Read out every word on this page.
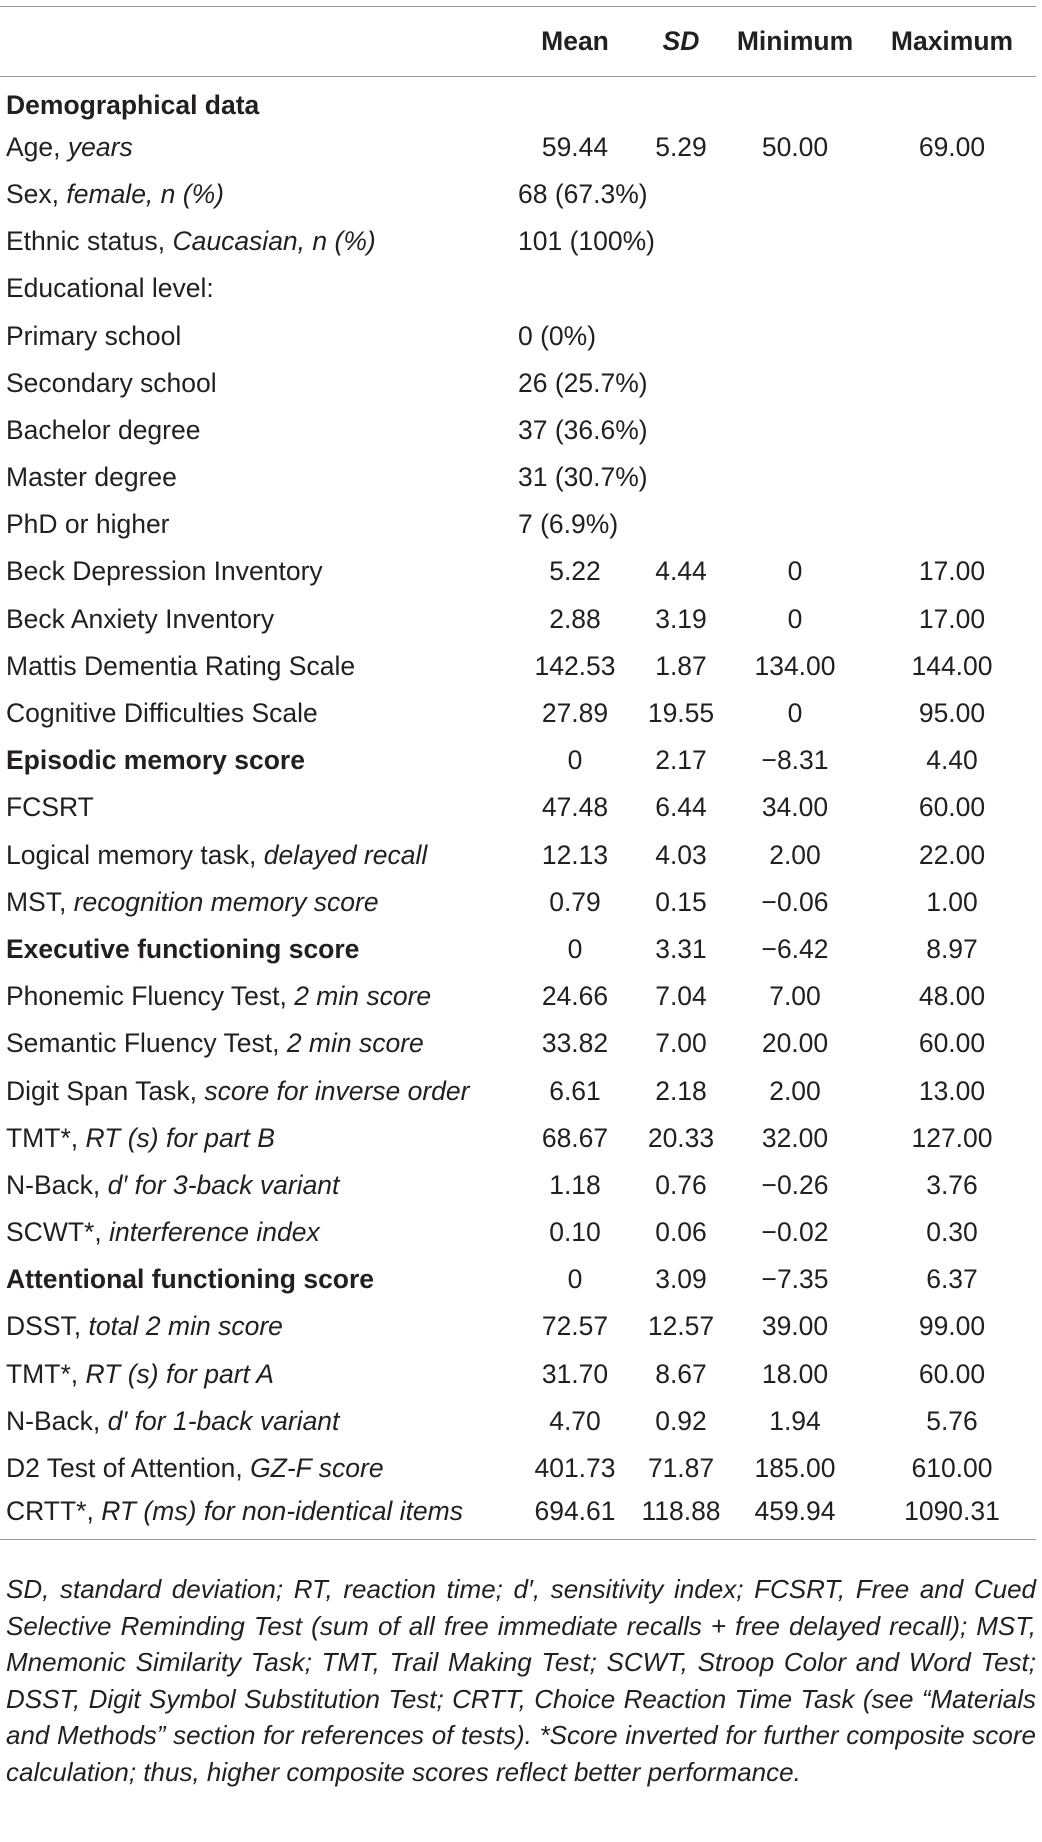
	Mean	SD	Minimum	Maximum
Demographical data				
Age, years	59.44	5.29	50.00	69.00
Sex, female, n (%)	68 (67.3%)			
Ethnic status, Caucasian, n (%)	101 (100%)			
Educational level:				
Primary school	0 (0%)			
Secondary school	26 (25.7%)			
Bachelor degree	37 (36.6%)			
Master degree	31 (30.7%)			
PhD or higher	7 (6.9%)			
Beck Depression Inventory	5.22	4.44	0	17.00
Beck Anxiety Inventory	2.88	3.19	0	17.00
Mattis Dementia Rating Scale	142.53	1.87	134.00	144.00
Cognitive Difficulties Scale	27.89	19.55	0	95.00
Episodic memory score	0	2.17	−8.31	4.40
FCSRT	47.48	6.44	34.00	60.00
Logical memory task, delayed recall	12.13	4.03	2.00	22.00
MST, recognition memory score	0.79	0.15	−0.06	1.00
Executive functioning score	0	3.31	−6.42	8.97
Phonemic Fluency Test, 2 min score	24.66	7.04	7.00	48.00
Semantic Fluency Test, 2 min score	33.82	7.00	20.00	60.00
Digit Span Task, score for inverse order	6.61	2.18	2.00	13.00
TMT*, RT (s) for part B	68.67	20.33	32.00	127.00
N-Back, d′ for 3-back variant	1.18	0.76	−0.26	3.76
SCWT*, interference index	0.10	0.06	−0.02	0.30
Attentional functioning score	0	3.09	−7.35	6.37
DSST, total 2 min score	72.57	12.57	39.00	99.00
TMT*, RT (s) for part A	31.70	8.67	18.00	60.00
N-Back, d′ for 1-back variant	4.70	0.92	1.94	5.76
D2 Test of Attention, GZ-F score	401.73	71.87	185.00	610.00
CRTT*, RT (ms) for non-identical items	694.61	118.88	459.94	1090.31
SD, standard deviation; RT, reaction time; d′, sensitivity index; FCSRT, Free and Cued Selective Reminding Test (sum of all free immediate recalls + free delayed recall); MST, Mnemonic Similarity Task; TMT, Trail Making Test; SCWT, Stroop Color and Word Test; DSST, Digit Symbol Substitution Test; CRTT, Choice Reaction Time Task (see “Materials and Methods” section for references of tests). *Score inverted for further composite score calculation; thus, higher composite scores reflect better performance.
